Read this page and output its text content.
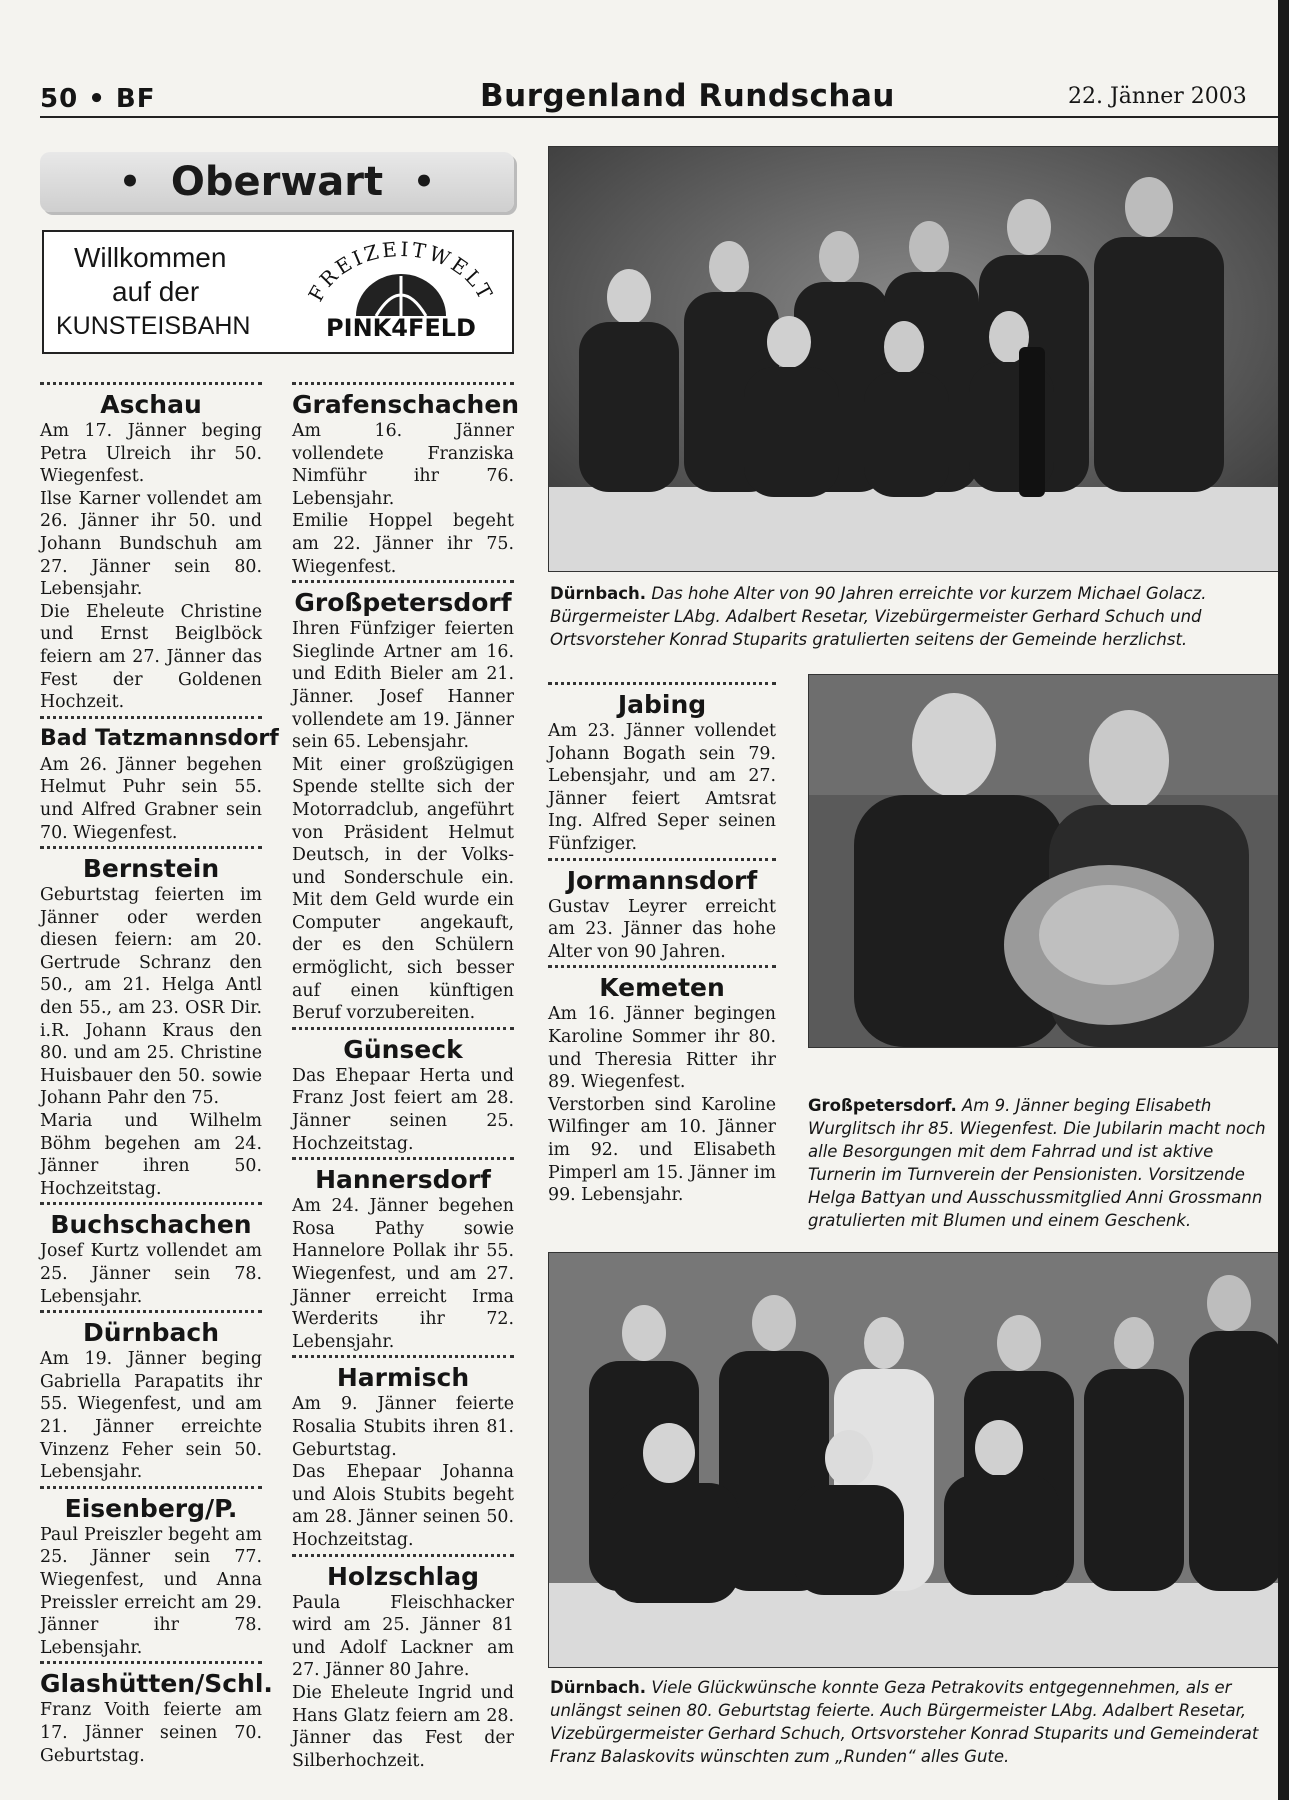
50 • BF	Burgenland Rundschau	22. Jänner 2003
• Oberwart •
Willkommen
auf der
KUNSTEISBAHN
FREIZEITWELT
PINK4FELD
Aschau
Am 17. Jänner beging Petra Ulreich ihr 50. Wiegenfest.
Ilse Karner vollendet am 26. Jänner ihr 50. und Johann Bundschuh am 27. Jänner sein 80. Lebensjahr.
Die Eheleute Christine und Ernst Beiglböck feiern am 27. Jänner das Fest der Goldenen Hochzeit.
Bad Tatzmannsdorf
Am 26. Jänner begehen Helmut Puhr sein 55. und Alfred Grabner sein 70. Wiegenfest.
Bernstein
Geburtstag feierten im Jänner oder werden diesen feiern: am 20. Gertrude Schranz den 50., am 21. Helga Antl den 55., am 23. OSR Dir. i.R. Johann Kraus den 80. und am 25. Christine Huisbauer den 50. sowie Johann Pahr den 75.
Maria und Wilhelm Böhm begehen am 24. Jänner ihren 50. Hochzeitstag.
Buchschachen
Josef Kurtz vollendet am 25. Jänner sein 78. Lebensjahr.
Dürnbach
Am 19. Jänner beging Gabriella Parapatits ihr 55. Wiegenfest, und am 21. Jänner erreichte Vinzenz Feher sein 50. Lebensjahr.
Eisenberg/P.
Paul Preiszler begeht am 25. Jänner sein 77. Wiegenfest, und Anna Preissler erreicht am 29. Jänner ihr 78. Lebensjahr.
Glashütten/Schl.
Franz Voith feierte am 17. Jänner seinen 70. Geburtstag.
Grafenschachen
Am 16. Jänner vollendete Franziska Nimführ ihr 76. Lebensjahr.
Emilie Hoppel begeht am 22. Jänner ihr 75. Wiegenfest.
Großpetersdorf
Ihren Fünfziger feierten Sieglinde Artner am 16. und Edith Bieler am 21. Jänner. Josef Hanner vollendete am 19. Jänner sein 65. Lebensjahr.
Mit einer großzügigen Spende stellte sich der Motorradclub, angeführt von Präsident Helmut Deutsch, in der Volks- und Sonderschule ein. Mit dem Geld wurde ein Computer angekauft, der es den Schülern ermöglicht, sich besser auf einen künftigen Beruf vorzubereiten.
Günseck
Das Ehepaar Herta und Franz Jost feiert am 28. Jänner seinen 25. Hochzeitstag.
Hannersdorf
Am 24. Jänner begehen Rosa Pathy sowie Hannelore Pollak ihr 55. Wiegenfest, und am 27. Jänner erreicht Irma Werderits ihr 72. Lebensjahr.
Harmisch
Am 9. Jänner feierte Rosalia Stubits ihren 81. Geburtstag.
Das Ehepaar Johanna und Alois Stubits begeht am 28. Jänner seinen 50. Hochzeitstag.
Holzschlag
Paula Fleischhacker wird am 25. Jänner 81 und Adolf Lackner am 27. Jänner 80 Jahre.
Die Eheleute Ingrid und Hans Glatz feiern am 28. Jänner das Fest der Silberhochzeit.
Dürnbach. Das hohe Alter von 90 Jahren erreichte vor kurzem Michael Golacz. Bürgermeister LAbg. Adalbert Resetar, Vizebürgermeister Gerhard Schuch und Ortsvorsteher Konrad Stuparits gratulierten seitens der Gemeinde herzlichst.
Jabing
Am 23. Jänner vollendet Johann Bogath sein 79. Lebensjahr, und am 27. Jänner feiert Amtsrat Ing. Alfred Seper seinen Fünfziger.
Jormannsdorf
Gustav Leyrer erreicht am 23. Jänner das hohe Alter von 90 Jahren.
Kemeten
Am 16. Jänner begingen Karoline Sommer ihr 80. und Theresia Ritter ihr 89. Wiegenfest.
Verstorben sind Karoline Wilfinger am 10. Jänner im 92. und Elisabeth Pimperl am 15. Jänner im 99. Lebensjahr.
Großpetersdorf. Am 9. Jänner beging Elisabeth Wurglitsch ihr 85. Wiegenfest. Die Jubilarin macht noch alle Besorgungen mit dem Fahrrad und ist aktive Turnerin im Turnverein der Pensionisten. Vorsitzende Helga Battyan und Ausschussmitglied Anni Grossmann gratulierten mit Blumen und einem Geschenk.
Dürnbach. Viele Glückwünsche konnte Geza Petrakovits entgegennehmen, als er unlängst seinen 80. Geburtstag feierte. Auch Bürgermeister LAbg. Adalbert Resetar, Vizebürgermeister Gerhard Schuch, Ortsvorsteher Konrad Stuparits und Gemeinderat Franz Balaskovits wünschten zum „Runden“ alles Gute.
